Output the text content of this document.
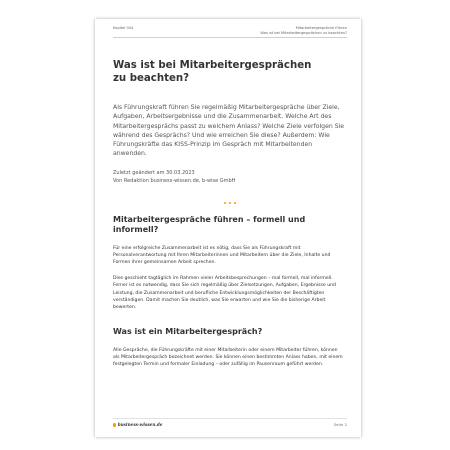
Kapitel 004	Mitarbeitergespräche führen
Was ist bei Mitarbeitergesprächen zu beachten?
Was ist bei Mitarbeitergesprächen zu beachten?
Als Führungskraft führen Sie regelmäßig Mitarbeitergespräche über Ziele, Aufgaben, Arbeitsergebnisse und die Zusammenarbeit. Welche Art des Mitarbeitergesprächs passt zu welchem Anlass? Welche Ziele verfolgen Sie während des Gesprächs? Und wie erreichen Sie diese? Außerdem: Wie Führungskräfte das KISS-Prinzip im Gespräch mit Mitarbeitenden anwenden.
Zuletzt geändert am 30.03.2023
Von Redaktion business-wissen.de, b-wise GmbH
Mitarbeitergespräche führen – formell und informell?

Für eine erfolgreiche Zusammenarbeit ist es nötig, dass Sie als Führungskraft mit Personalverantwortung mit Ihren Mitarbeiterinnen und Mitarbeitern über die Ziele, Inhalte und Formen ihrer gemeinsamen Arbeit sprechen.

Dies geschieht tagtäglich im Rahmen vieler Arbeitsbesprechungen – mal formell, mal informell. Ferner ist es notwendig, dass Sie sich regelmäßig über Zielsetzungen, Aufgaben, Ergebnisse und Leistung, die Zusammenarbeit und berufliche Entwicklungsmöglichkeiten der Beschäftigten verständigen. Damit machen Sie deutlich, was Sie erwarten und wie Sie die bisherige Arbeit bewerten.

Was ist ein Mitarbeitergespräch?

Alle Gespräche, die Führungskräfte mit einer Mitarbeiterin oder einem Mitarbeiter führen, können als Mitarbeitergespräch bezeichnet werden. Sie können einen bestimmten Anlass haben, mit einem festgelegten Termin und formaler Einladung – oder zufällig im Pausenraum geführt werden.

business-wissen.de	Seite 2
